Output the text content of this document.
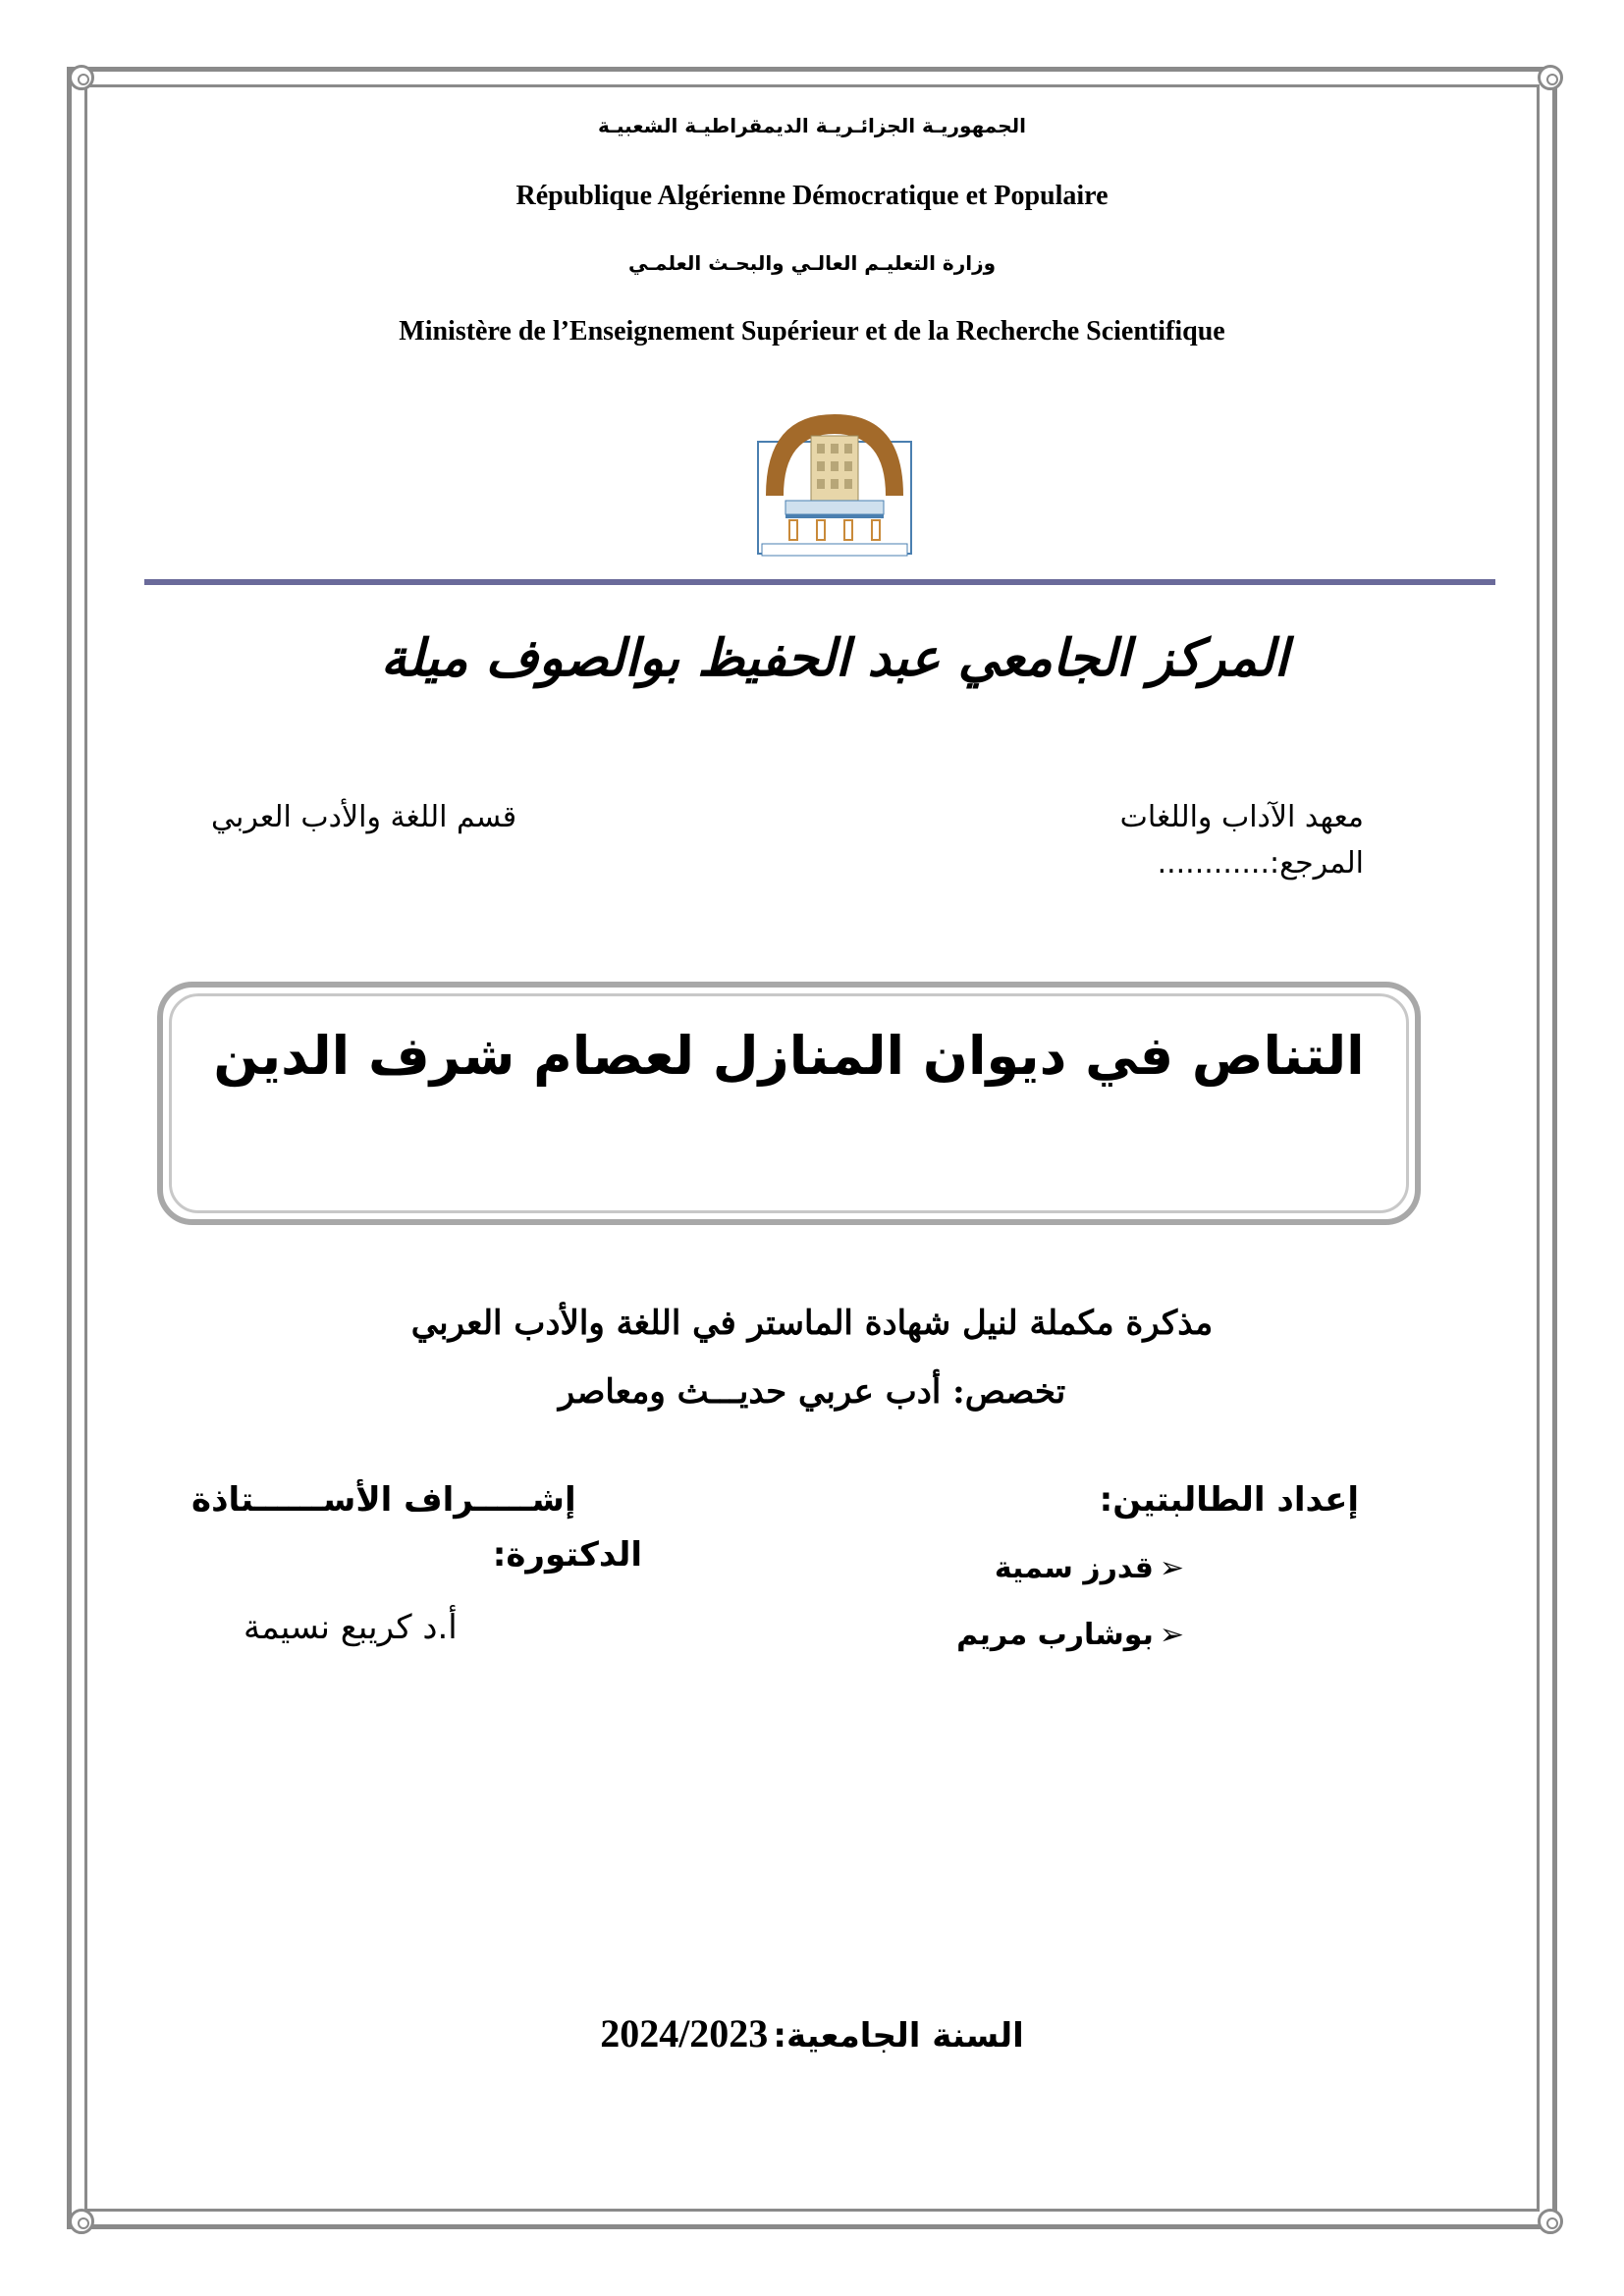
الجمهوريـة الجزائـريـة الديمقراطيـة الشعبيـة
République Algérienne Démocratique et Populaire
وزارة التعليـم العالـي والبحـث العلمـي
Ministère de l’Enseignement Supérieur et de la Recherche Scientifique
المركز الجامعي عبد الحفيظ بوالصوف ميلة
معهد الآداب واللغات
قسم اللغة والأدب العربي
المرجع:............
التناص في ديوان المنازل لعصام شرف الدين
مذكرة مكملة لنيل شهادة الماستر في اللغة والأدب العربي
تخصص: أدب عربي حديـــث ومعاصر
إعداد الطالبتين:
➢ قدرز سمية
➢ بوشارب مريم
إشـــــراف الأســــــتاذة
الدكتورة:
أ.د كريبع نسيمة
2024/2023 السنة الجامعية:
